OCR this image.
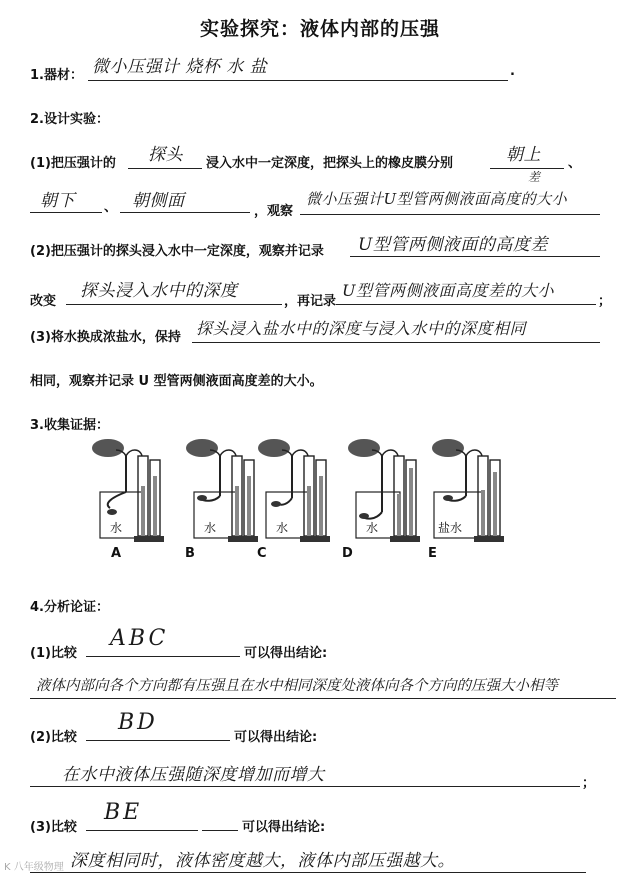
实验探究：液体内部的压强
1.器材： 微小压强计 烧杯 水 盐	.
2.设计实验：
(1)把压强计的 探头 浸入水中一定深度，把探头上的橡皮膜分别	朝上 、
朝下 、 朝侧面
，观察
微小压强计U型管两侧液面高度的大小
差
(2)把压强计的探头浸入水中一定深度，观察并记录 U型管两侧液面的高度差
改变
探头浸入水中的深度
，再记录
U型管两侧液面高度差的大小
；
(3)将水换成浓盐水，保持 探头浸入盐水中的深度与浸入水中的深度相同
相同，观察并记录 U 型管两侧液面高度差的大小。
3.收集证据：
水	水	水	水	盐水
A	B	C	D	E
4.分析论证：
(1)比较
ABC
可以得出结论:
液体内部向各个方向都有压强且在水中相同深度处液体向各个方向的压强大小相等
(2)比较
BD
可以得出结论:
在水中液体压强随深度增加而增大	；
(3)比较
BE
可以得出结论:
深度相同时，液体密度越大，液体内部压强越大。
K 八年级物理
